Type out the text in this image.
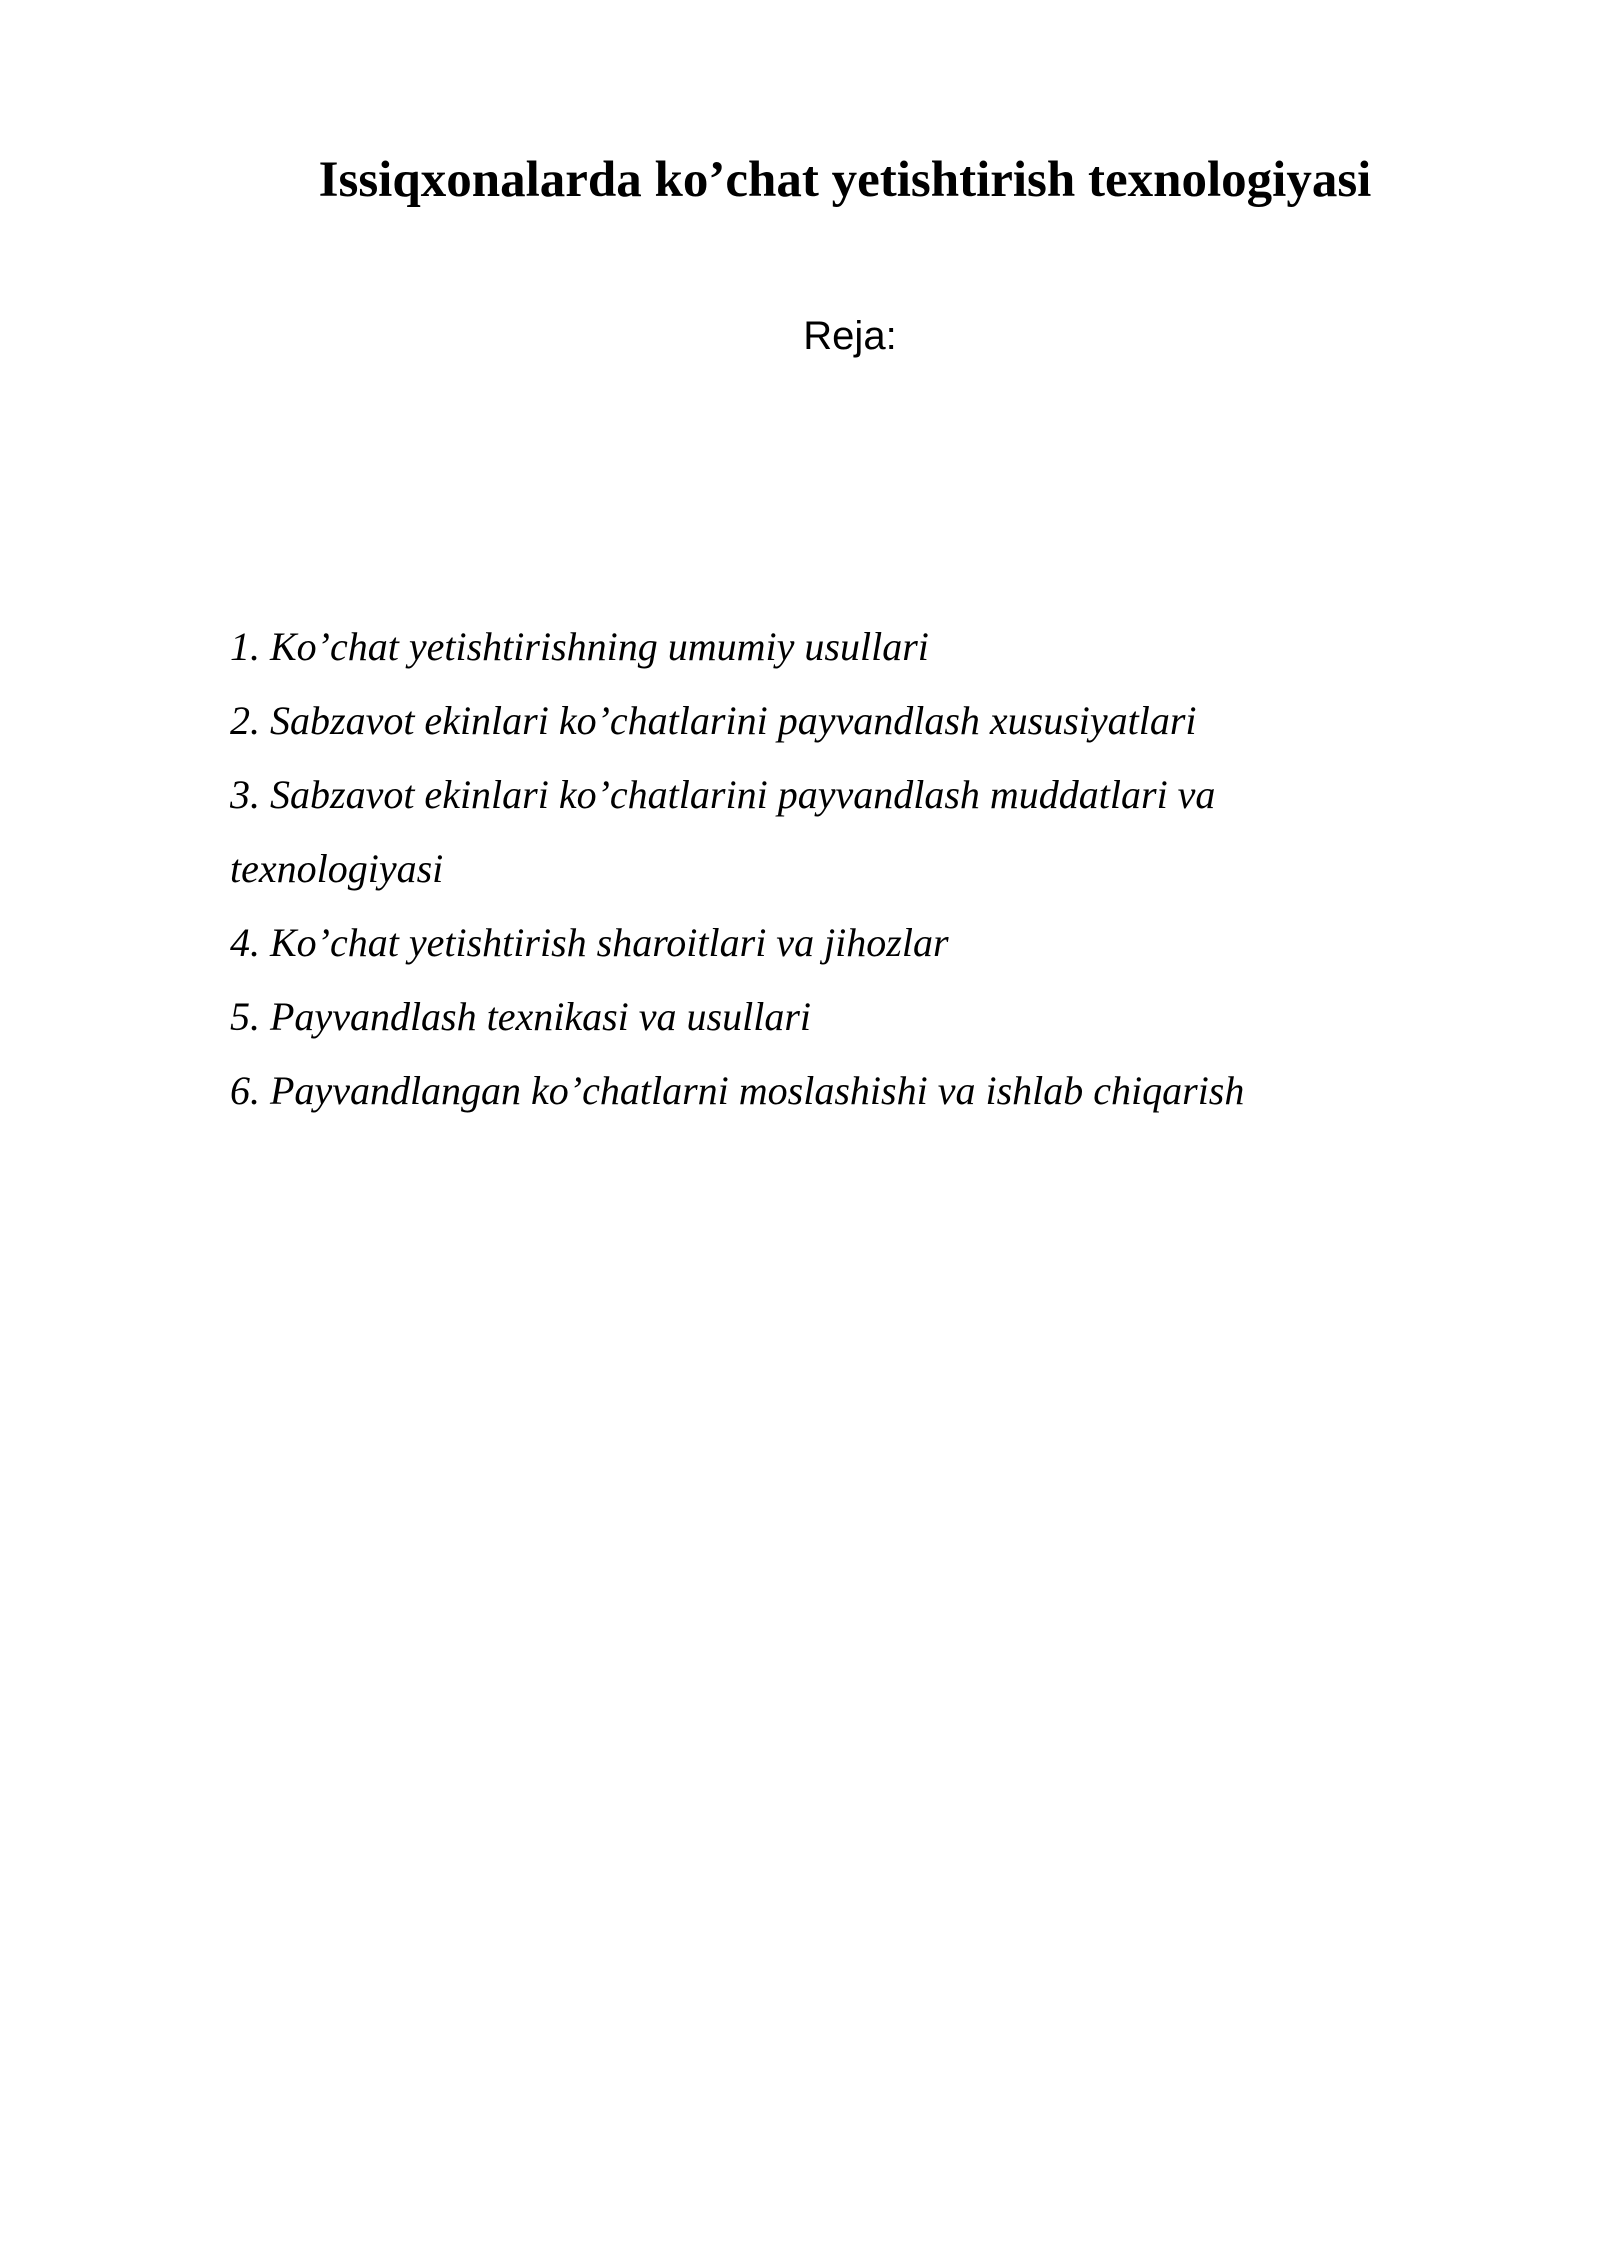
Issiqxonalarda ko’chat yetishtirish texnologiyasi

Reja:

1. Ko’chat yetishtirishning umumiy usullari
2. Sabzavot ekinlari ko’chatlarini payvandlash xususiyatlari
3. Sabzavot ekinlari ko’chatlarini payvandlash muddatlari va texnologiyasi
4. Ko’chat yetishtirish sharoitlari va jihozlar
5. Payvandlash texnikasi va usullari
6. Payvandlangan ko’chatlarni moslashishi va ishlab chiqarish
